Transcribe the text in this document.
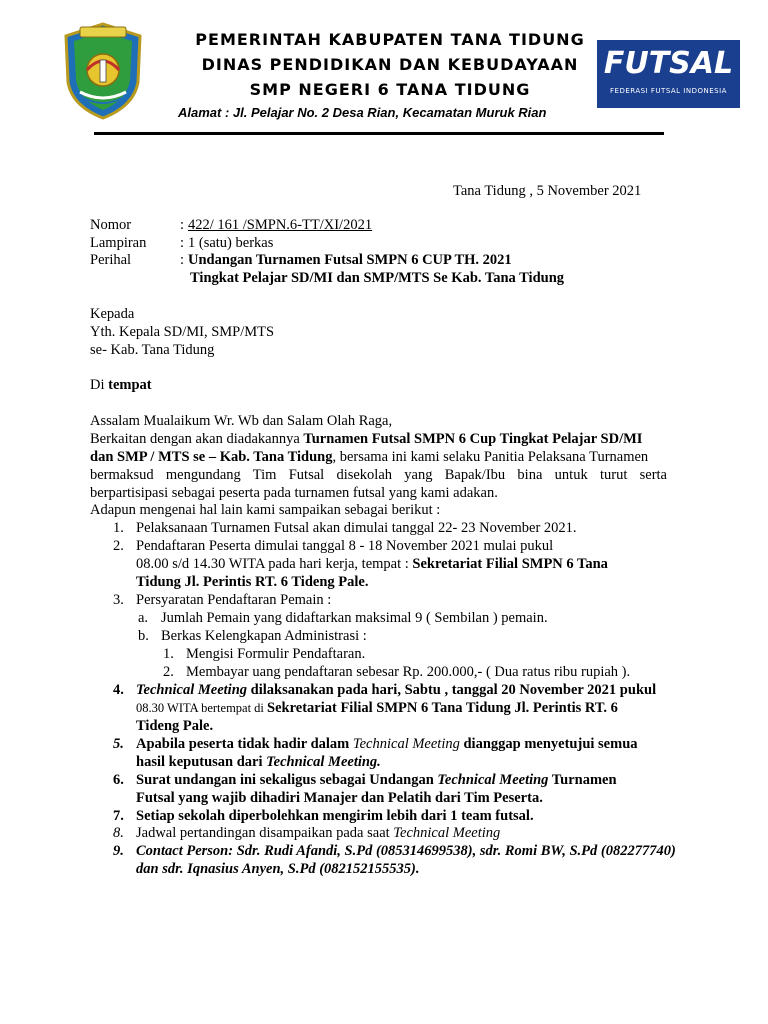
PEMERINTAH KABUPATEN TANA TIDUNG
DINAS PENDIDIKAN DAN KEBUDAYAAN
SMP NEGERI 6 TANA TIDUNG
Alamat : Jl. Pelajar No. 2 Desa Rian, Kecamatan Muruk Rian
FUTSAL
FEDERASI FUTSAL INDONESIA
Tana Tidung , 5 November 2021
Nomor	: 422/ 161 /SMPN.6-TT/XI/2021
Lampiran : 1 (satu) berkas
Perihal	: Undangan Turnamen Futsal SMPN 6 CUP TH. 2021
Tingkat Pelajar SD/MI dan SMP/MTS Se Kab. Tana Tidung
Kepada
Yth. Kepala SD/MI, SMP/MTS
se- Kab. Tana Tidung
Di tempat
Assalam Mualaikum Wr. Wb dan Salam Olah Raga,
Berkaitan dengan akan diadakannya Turnamen Futsal SMPN 6 Cup Tingkat Pelajar SD/MI
dan SMP / MTS se – Kab. Tana Tidung, bersama ini kami selaku Panitia Pelaksana Turnamen
bermaksud mengundang Tim Futsal disekolah yang Bapak/Ibu bina untuk turut serta
berpartisipasi sebagai peserta pada turnamen futsal yang kami adakan.
Adapun mengenai hal lain kami sampaikan sebagai berikut :
1. Pelaksanaan Turnamen Futsal akan dimulai tanggal 22- 23 November 2021.
2. Pendaftaran Peserta dimulai tanggal 8 - 18 November 2021 mulai pukul
08.00 s/d 14.30 WITA pada hari kerja, tempat : Sekretariat Filial SMPN 6 Tana
Tidung Jl. Perintis RT. 6 Tideng Pale.
3. Persyaratan Pendaftaran Pemain :
a. Jumlah Pemain yang didaftarkan maksimal 9 ( Sembilan ) pemain.
b. Berkas Kelengkapan Administrasi :
1. Mengisi Formulir Pendaftaran.
2. Membayar uang pendaftaran sebesar Rp. 200.000,- ( Dua ratus ribu rupiah ).
4. Technical Meeting dilaksanakan pada hari, Sabtu , tanggal 20 November 2021 pukul
08.30 WITA bertempat di Sekretariat Filial SMPN 6 Tana Tidung Jl. Perintis RT. 6
Tideng Pale.
5. Apabila peserta tidak hadir dalam Technical Meeting dianggap menyetujui semua
hasil keputusan dari Technical Meeting.
6. Surat undangan ini sekaligus sebagai Undangan Technical Meeting Turnamen
Futsal yang wajib dihadiri Manajer dan Pelatih dari Tim Peserta.
7. Setiap sekolah diperbolehkan mengirim lebih dari 1 team futsal.
8. Jadwal pertandingan disampaikan pada saat Technical Meeting
9. Contact Person: Sdr. Rudi Afandi, S.Pd (085314699538), sdr. Romi BW, S.Pd (082277740)
dan sdr. Iqnasius Anyen, S.Pd (082152155535).
